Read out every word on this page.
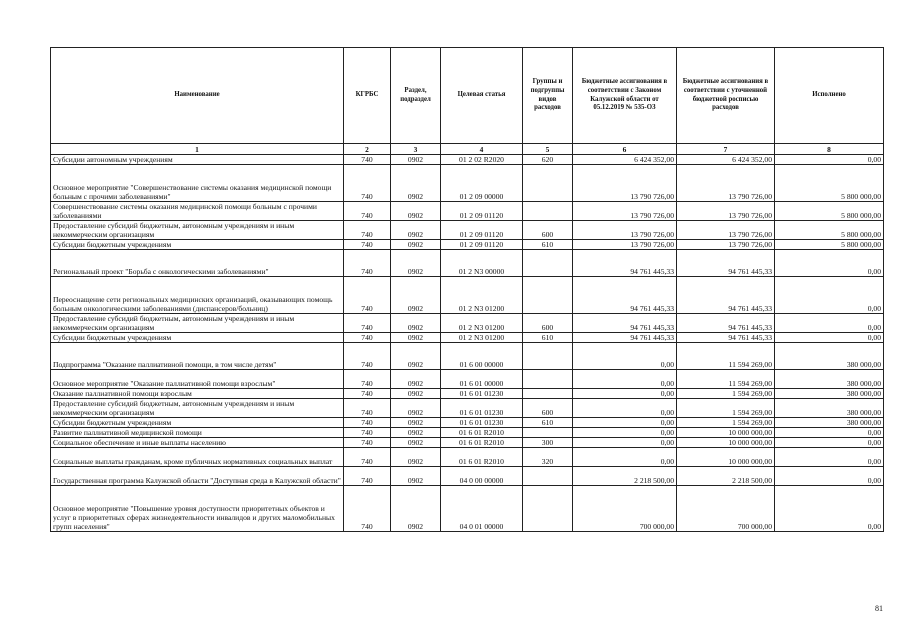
Наименование	КГРБС	Раздел, подраздел	Целевая статья	Группы и подгруппы видов расходов	Бюджетные ассигнования в соответствии с Законом Калужской области от 05.12.2019 № 535-ОЗ	Бюджетные ассигнования в соответствии с уточненной бюджетной росписью расходов	Исполнено
1	2	3	4	5	6	7	8
Субсидии автономным учреждениям	740	0902	01 2 02 R2020	620	6 424 352,00	6 424 352,00	0,00
Основное мероприятие "Совершенствование системы оказания медицинской помощи больным с прочими заболеваниями"	740	0902	01 2 09 00000		13 790 726,00	13 790 726,00	5 800 000,00
Совершенствование системы оказания медицинской помощи больным с прочими заболеваниями	740	0902	01 2 09 01120		13 790 726,00	13 790 726,00	5 800 000,00
Предоставление субсидий бюджетным, автономным учреждениям и иным некоммерческим организациям	740	0902	01 2 09 01120	600	13 790 726,00	13 790 726,00	5 800 000,00
Субсидии бюджетным учреждениям	740	0902	01 2 09 01120	610	13 790 726,00	13 790 726,00	5 800 000,00
Региональный проект "Борьба с онкологическими заболеваниями"	740	0902	01 2 N3 00000		94 761 445,33	94 761 445,33	0,00
Переоснащение сети региональных медицинских организаций, оказывающих помощь больным онкологическими заболеваниями (диспансеров/больниц)	740	0902	01 2 N3 01200		94 761 445,33	94 761 445,33	0,00
Предоставление субсидий бюджетным, автономным учреждениям и иным некоммерческим организациям	740	0902	01 2 N3 01200	600	94 761 445,33	94 761 445,33	0,00
Субсидии бюджетным учреждениям	740	0902	01 2 N3 01200	610	94 761 445,33	94 761 445,33	0,00
Подпрограмма "Оказание паллиативной помощи, в том числе детям"	740	0902	01 6 00 00000		0,00	11 594 269,00	380 000,00
Основное мероприятие "Оказание паллиативной помощи взрослым"	740	0902	01 6 01 00000		0,00	11 594 269,00	380 000,00
Оказание паллиативной помощи взрослым	740	0902	01 6 01 01230		0,00	1 594 269,00	380 000,00
Предоставление субсидий бюджетным, автономным учреждениям и иным некоммерческим организациям	740	0902	01 6 01 01230	600	0,00	1 594 269,00	380 000,00
Субсидии бюджетным учреждениям	740	0902	01 6 01 01230	610	0,00	1 594 269,00	380 000,00
Развитие паллиативной медицинской помощи	740	0902	01 6 01 R2010		0,00	10 000 000,00	0,00
Социальное обеспечение и иные выплаты населению	740	0902	01 6 01 R2010	300	0,00	10 000 000,00	0,00
Социальные выплаты гражданам, кроме публичных нормативных социальных выплат	740	0902	01 6 01 R2010	320	0,00	10 000 000,00	0,00
Государственная программа Калужской области "Доступная среда в Калужской области"	740	0902	04 0 00 00000		2 218 500,00	2 218 500,00	0,00
Основное мероприятие "Повышение уровня доступности приоритетных объектов и услуг в приоритетных сферах жизнедеятельности инвалидов и других маломобильных групп населения"	740	0902	04 0 01 00000		700 000,00	700 000,00	0,00
81
